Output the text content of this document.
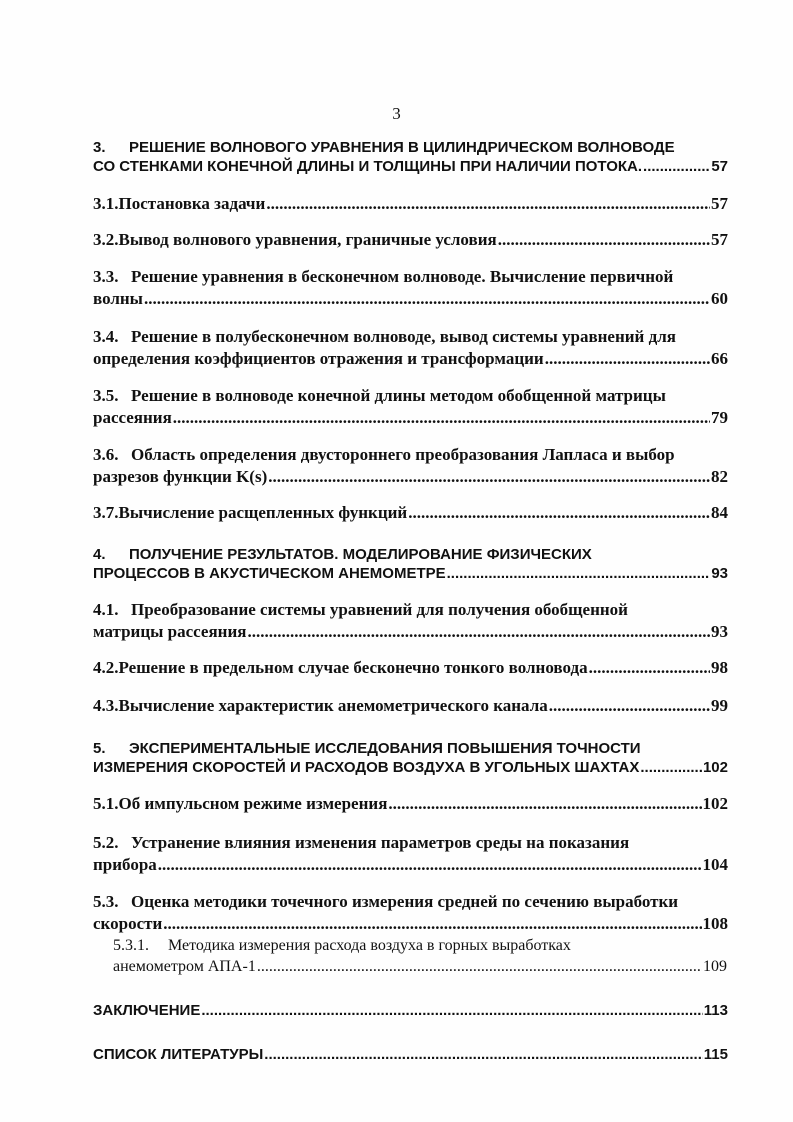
3
3.	РЕШЕНИЕ ВОЛНОВОГО УРАВНЕНИЯ В ЦИЛИНДРИЧЕСКОМ ВОЛНОВОДЕ
СО СТЕНКАМИ КОНЕЧНОЙ ДЛИНЫ И ТОЛЩИНЫ ПРИ НАЛИЧИИ ПОТОКА. .....	57
3.1. Постановка задачи .....	57
3.2. Вывод волнового уравнения, граничные условия .....	57
3.3. Решение уравнения в бесконечном волноводе. Вычисление первичной
волны .....	60
3.4. Решение в полубесконечном волноводе, вывод системы уравнений для
определения коэффициентов отражения и трансформации .....	66
3.5. Решение в волноводе конечной длины методом обобщенной матрицы
рассеяния .....	79
3.6. Область определения двустороннего преобразования Лапласа и выбор
разрезов функции K(s) .....	82
3.7. Вычисление расщепленных функций .....	84
4.	ПОЛУЧЕНИЕ РЕЗУЛЬТАТОВ. МОДЕЛИРОВАНИЕ ФИЗИЧЕСКИХ
ПРОЦЕССОВ В АКУСТИЧЕСКОМ АНЕМОМЕТРЕ .....	93
4.1. Преобразование системы уравнений для получения обобщенной
матрицы рассеяния .....	93
4.2. Решение в предельном случае бесконечно тонкого волновода .....	98
4.3. Вычисление характеристик анемометрического канала .....	99
5.	ЭКСПЕРИМЕНТАЛЬНЫЕ ИССЛЕДОВАНИЯ ПОВЫШЕНИЯ ТОЧНОСТИ
ИЗМЕРЕНИЯ СКОРОСТЕЙ И РАСХОДОВ ВОЗДУХА В УГОЛЬНЫХ ШАХТАХ .....	102
5.1. Об импульсном режиме измерения .....	102
5.2. Устранение влияния изменения параметров среды на показания
прибора .....	104
5.3. Оценка методики точечного измерения средней по сечению выработки
скорости .....	108
5.3.1.	Методика измерения расхода воздуха в горных выработках
анемометром АПА-1 .....	109
ЗАКЛЮЧЕНИЕ .....	113
СПИСОК ЛИТЕРАТУРЫ .....	115
